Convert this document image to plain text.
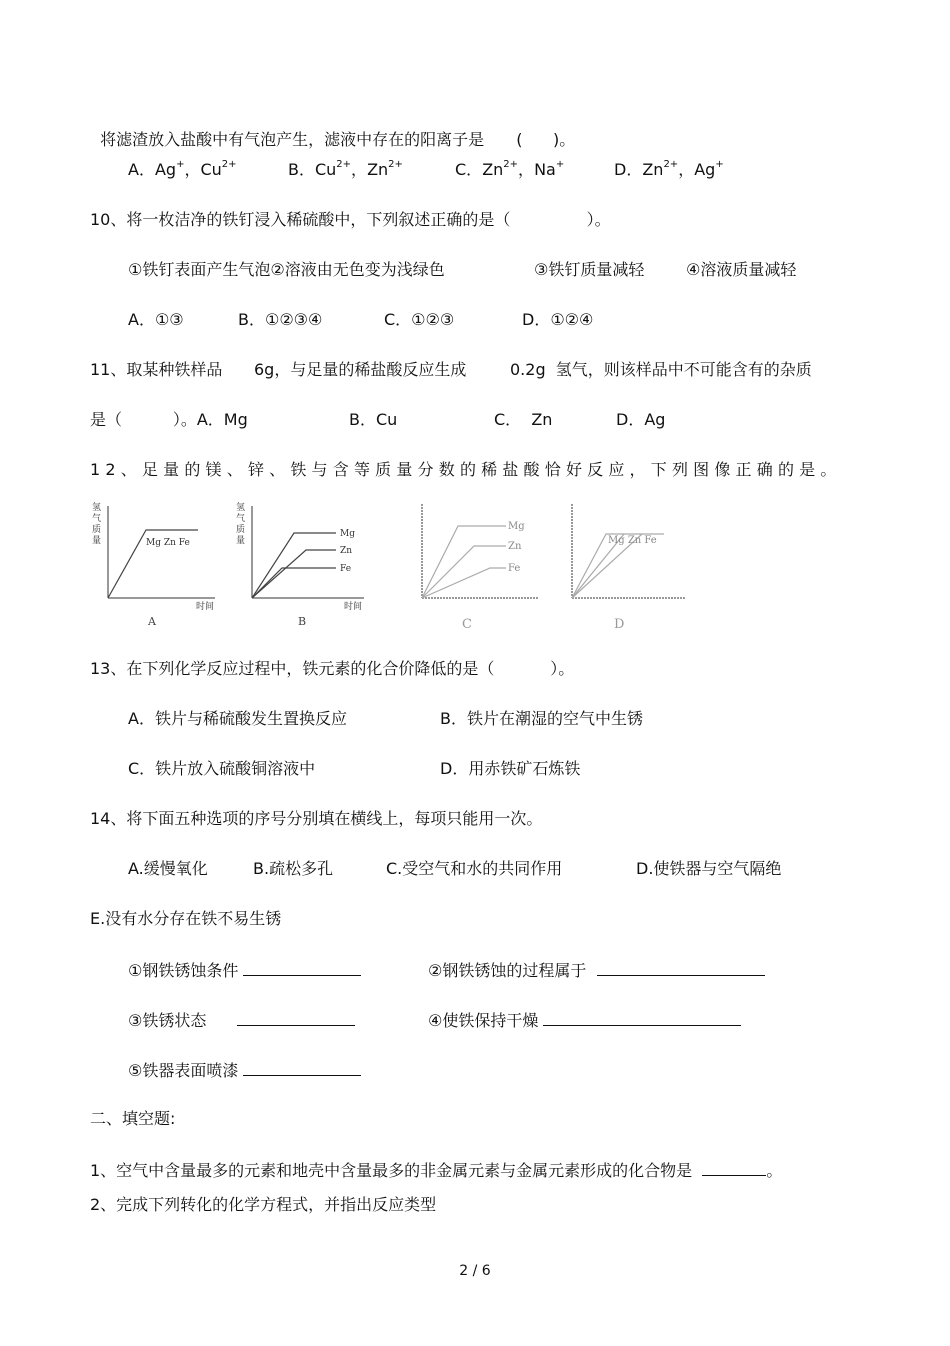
将滤渣放入盐酸中有气泡产生，滤液中存在的阳离子是 (      )。

A．Ag+，$Cu^{2+}$	B．$Cu^{2+}$，$Zn^{2+}$	C．$Zn^{2+}$，Na+	D．$Zn^{2+}$，Ag+
10、将一枚洁净的铁钉浸入稀硫酸中，下列叙述正确的是（               ）。
①铁钉表面产生气泡②溶液由无色变为浅绿色	③铁钉质量减轻	④溶液质量减轻
A．①③	B．①②③④	C．①②③	D．①②④
11、取某种铁样品 6g，与足量的稀盐酸反应生成	0.2g  氢气，则该样品中不可能含有的杂质
是（          ）。A．Mg	B．Cu	C．  Zn	D．Ag
12、足量的镁、锌、铁与含等质量分数的稀盐酸恰好反应，下列图像正确的是。
氢
气
质
量	Mg Zn Fe
时间
A
氢
气
质
量
Mg
Zn
Fe
时间
B
Mg
Zn
Fe
C
Mg Zn Fe
D
13、在下列化学反应过程中，铁元素的化合价降低的是（           ）。
A．铁片与稀硫酸发生置换反应	B．铁片在潮湿的空气中生锈
C．铁片放入硫酸铜溶液中	D．用赤铁矿石炼铁
14、将下面五种选项的序号分别填在横线上，每项只能用一次。
A.缓慢氧化	B.疏松多孔	C.受空气和水的共同作用	D.使铁器与空气隔绝
E.没有水分存在铁不易生锈
①钢铁锈蚀条件	②钢铁锈蚀的过程属于
③铁锈状态	④使铁保持干燥
⑤铁器表面喷漆
二、填空题:
1、空气中含量最多的元素和地壳中含量最多的非金属元素与金属元素形成的化合物是	。
2、完成下列转化的化学方程式，并指出反应类型
2 / 6
